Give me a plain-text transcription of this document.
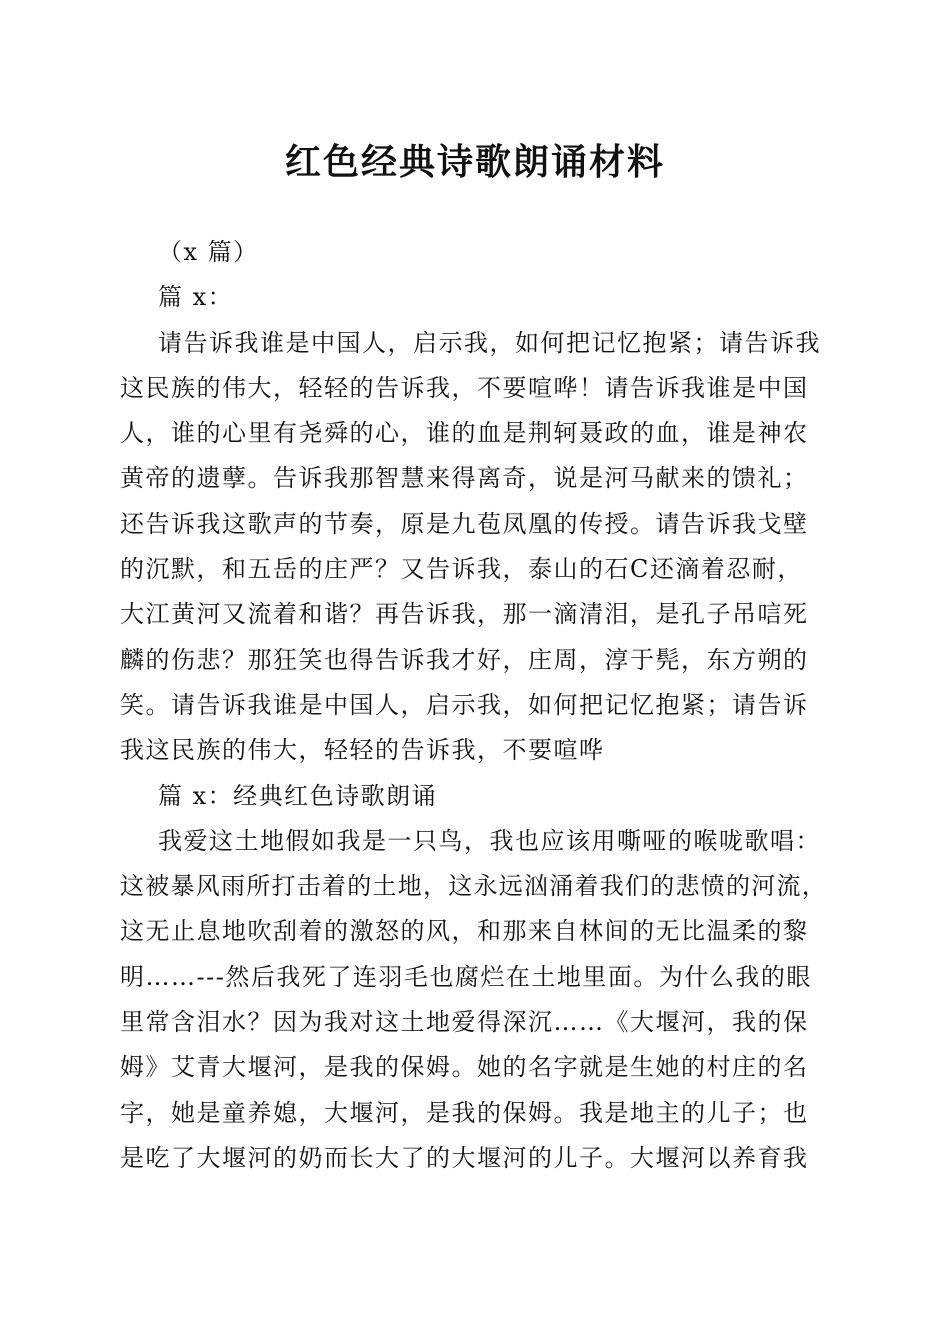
红色经典诗歌朗诵材料
（x 篇）
篇 x：
请告诉我谁是中国人，启示我，如何把记忆抱紧；请告诉我
这民族的伟大，轻轻的告诉我，不要喧哗！请告诉我谁是中国
人，谁的心里有尧舜的心，谁的血是荆轲聂政的血，谁是神农
黄帝的遗孽。告诉我那智慧来得离奇，说是河马献来的馈礼；
还告诉我这歌声的节奏，原是九苞凤凰的传授。请告诉我戈壁
的沉默，和五岳的庄严？又告诉我，泰山的石C还滴着忍耐，
大江黄河又流着和谐？再告诉我，那一滴清泪，是孔子吊唁死
麟的伤悲？那狂笑也得告诉我才好，庄周，淳于髡，东方朔的
笑。请告诉我谁是中国人，启示我，如何把记忆抱紧；请告诉
我这民族的伟大，轻轻的告诉我，不要喧哗
篇 x：经典红色诗歌朗诵
我爱这土地假如我是一只鸟，我也应该用嘶哑的喉咙歌唱：
这被暴风雨所打击着的土地，这永远汹涌着我们的悲愤的河流，
这无止息地吹刮着的激怒的风，和那来自林间的无比温柔的黎
明……---然后我死了连羽毛也腐烂在土地里面。为什么我的眼
里常含泪水？因为我对这土地爱得深沉……《大堰河，我的保
姆》艾青大堰河，是我的保姆。她的名字就是生她的村庄的名
字，她是童养媳，大堰河，是我的保姆。我是地主的儿子；也
是吃了大堰河的奶而长大了的大堰河的儿子。大堰河以养育我
